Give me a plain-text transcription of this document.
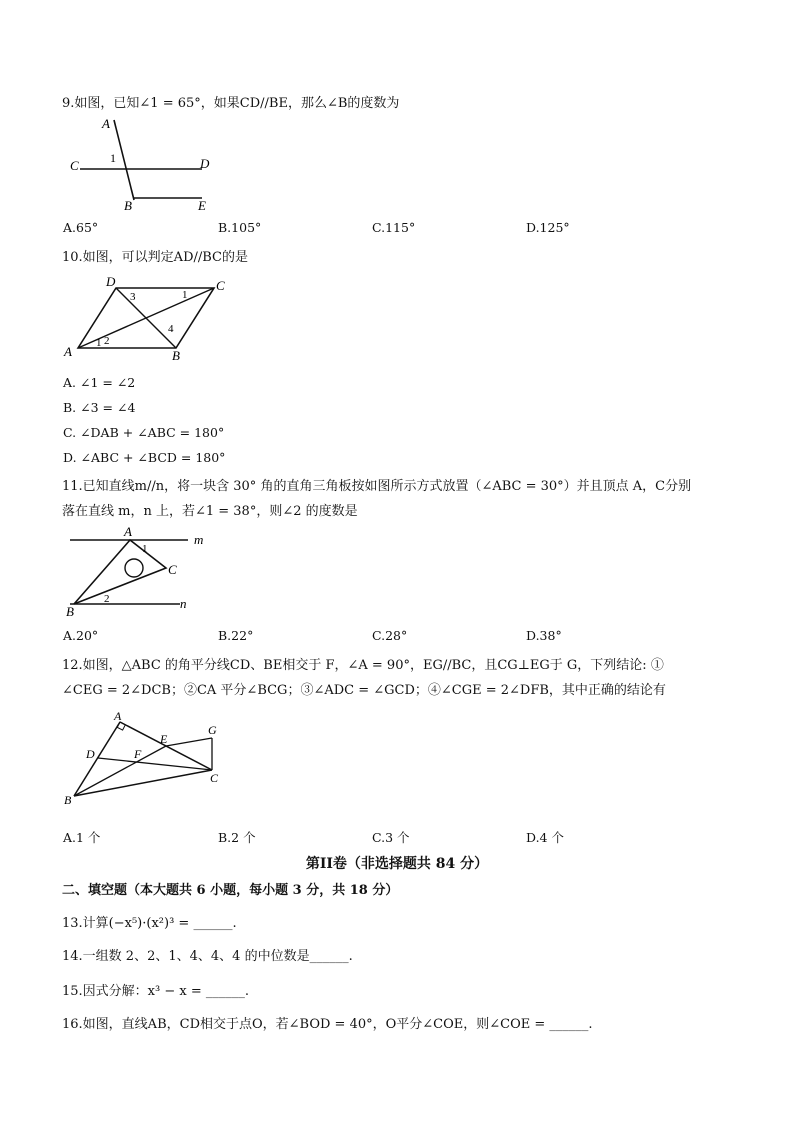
9.如图，已知∠1 = 65°，如果CD//BE，那么∠B的度数为
A
C	D
B	E
1
A.65°	B.105°	C.115°	D.125°
10.如图，可以判定AD//BC的是
A	B
C
D
1 2
3
4
1
A. ∠1 = ∠2
B. ∠3 = ∠4
C. ∠DAB + ∠ABC = 180°
D. ∠ABC + ∠BCD = 180°
11.已知直线m//n，将一块含 30° 角的直角三角板按如图所示方式放置（∠ABC = 30°）并且顶点 A，C分别
落在直线 m，n 上，若∠1 = 38°，则∠2 的度数是
A
B
C
m
n
1
2
A.20°	B.22°	C.28°	D.38°
12.如图，△ABC 的角平分线CD、BE相交于 F，∠A = 90°，EG//BC，且CG⊥EG于 G，下列结论: ①
∠CEG = 2∠DCB；②CA 平分∠BCG；③∠ADC = ∠GCD；④∠CGE = 2∠DFB，其中正确的结论有
A
B
C
D
E
F
G
A.1 个	B.2 个	C.3 个	D.4 个
第II卷（非选择题共 84 分）
二、填空题（本大题共 6 小题，每小题 3 分，共 18 分）
13.计算(−x⁵)·(x²)³ = ______.
14.一组数 2、2、1、4、4、4 的中位数是______.
15.因式分解：x³ − x = ______.
16.如图，直线AB，CD相交于点O，若∠BOD = 40°，O平分∠COE，则∠COE = ______.
